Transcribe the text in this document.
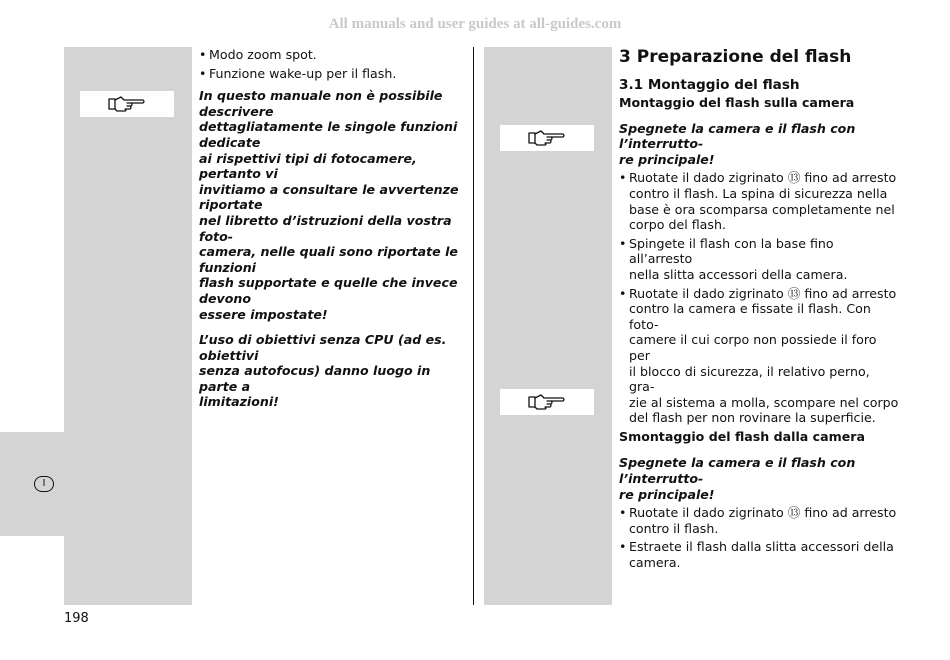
All manuals and user guides at all-guides.com
I
• Modo zoom spot.
• Funzione wake-up per il flash.

In questo manuale non è possibile descrivere
dettagliatamente le singole funzioni dedicate
ai rispettivi tipi di fotocamere, pertanto vi
invitiamo a consultare le avvertenze riportate
nel libretto d’istruzioni della vostra foto-
camera, nelle quali sono riportate le funzioni
flash supportate e quelle che invece devono
essere impostate!

L’uso di obiettivi senza CPU (ad es. obiettivi
senza autofocus) danno luogo in parte a
limitazioni!

3 Preparazione del flash
3.1 Montaggio del flash
Montaggio del flash sulla camera

Spegnete la camera e il flash con l’interrutto-
re principale!

• Ruotate il dado zigrinato ⑬ fino ad arresto
contro il flash. La spina di sicurezza nella
base è ora scomparsa completamente nel
corpo del flash.
• Spingete il flash con la base fino all’arresto
nella slitta accessori della camera.
• Ruotate il dado zigrinato ⑬ fino ad arresto
contro la camera e fissate il flash. Con foto-
camere il cui corpo non possiede il foro per
il blocco di sicurezza, il relativo perno, gra-
zie al sistema a molla, scompare nel corpo
del flash per non rovinare la superficie.
Smontaggio del flash dalla camera

Spegnete la camera e il flash con l’interrutto-
re principale!

• Ruotate il dado zigrinato ⑬ fino ad arresto
contro il flash.
• Estraete il flash dalla slitta accessori della
camera.
198
